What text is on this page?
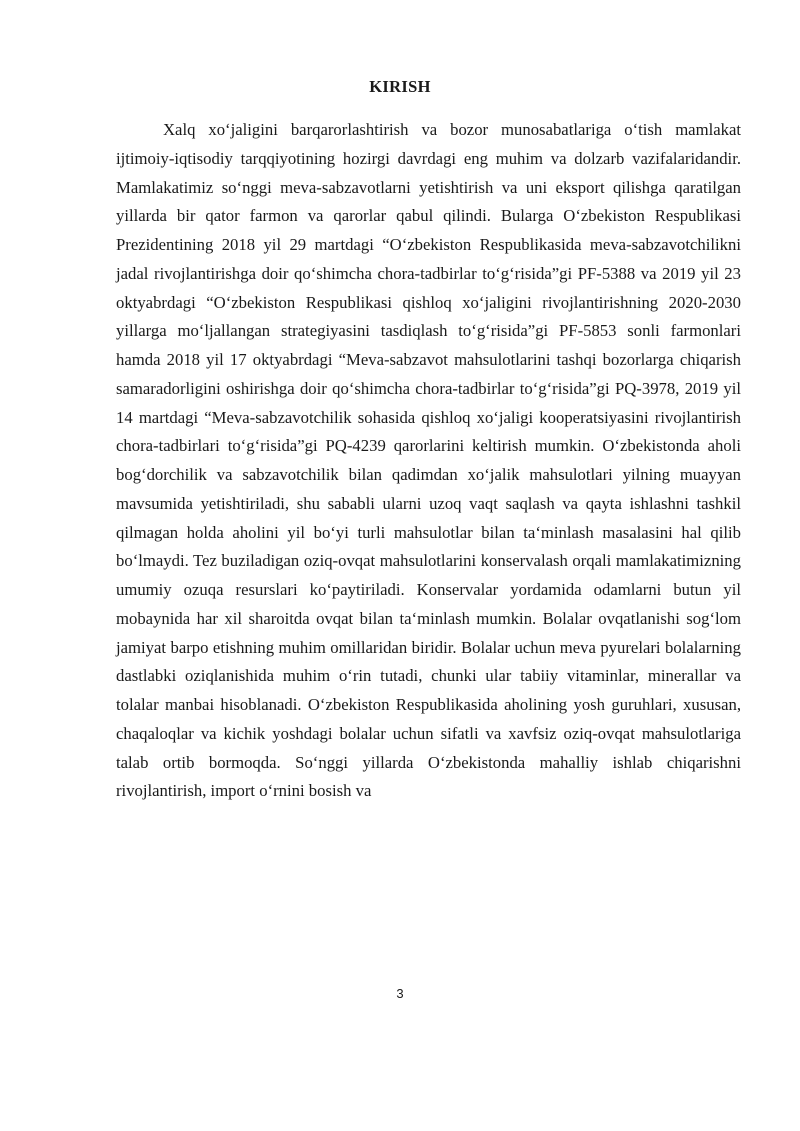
KIRISH

Xalq xo‘jaligini barqarorlashtirish va bozor munosabatlariga o‘tish mamlakat ijtimoiy-iqtisodiy tarqqiyotining hozirgi davrdagi eng muhim va dolzarb vazifalaridandir. Mamlakatimiz so‘nggi meva-sabzavotlarni yetishtirish va uni eksport qilishga qaratilgan yillarda bir qator farmon va qarorlar qabul qilindi. Bularga O‘zbekiston Respublikasi Prezidentining 2018 yil 29 martdagi “O‘zbekiston Respublikasida meva-sabzavotchilikni jadal rivojlantirishga doir qo‘shimcha chora-tadbirlar to‘g‘risida”gi PF-5388 va 2019 yil 23 oktyabrdagi “O‘zbekiston Respublikasi qishloq xo‘jaligini rivojlantirishning 2020-2030 yillarga mo‘ljallangan strategiyasini tasdiqlash to‘g‘risida”gi PF-5853 sonli farmonlari hamda 2018 yil 17 oktyabrdagi “Meva-sabzavot mahsulotlarini tashqi bozorlarga chiqarish samaradorligini oshirishga doir qo‘shimcha chora-tadbirlar to‘g‘risida”gi PQ-3978, 2019 yil 14 martdagi “Meva-sabzavotchilik sohasida qishloq xo‘jaligi kooperatsiyasini rivojlantirish chora-tadbirlari to‘g‘risida”gi PQ-4239 qarorlarini keltirish mumkin. O‘zbekistonda aholi bog‘dorchilik va sabzavotchilik bilan qadimdan xo‘jalik mahsulotlari yilning muayyan mavsumida yetishtiriladi, shu sababli ularni uzoq vaqt saqlash va qayta ishlashni tashkil qilmagan holda aholini yil bo‘yi turli mahsulotlar bilan ta‘minlash masalasini hal qilib bo‘lmaydi. Tez buziladigan oziq-ovqat mahsulotlarini konservalash orqali mamlakatimizning umumiy ozuqa resurslari ko‘paytiriladi. Konservalar yordamida odamlarni butun yil mobaynida har xil sharoitda ovqat bilan ta‘minlash mumkin. Bolalar ovqatlanishi sog‘lom jamiyat barpo etishning muhim omillaridan biridir. Bolalar uchun meva pyurelari bolalarning dastlabki oziqlanishida muhim o‘rin tutadi, chunki ular tabiiy vitaminlar, minerallar va tolalar manbai hisoblanadi. O‘zbekiston Respublikasida aholining yosh guruhlari, xususan, chaqaloqlar va kichik yoshdagi bolalar uchun sifatli va xavfsiz oziq-ovqat mahsulotlariga talab ortib bormoqda. So‘nggi yillarda O‘zbekistonda mahalliy ishlab chiqarishni rivojlantirish, import o‘rnini bosish va

3
